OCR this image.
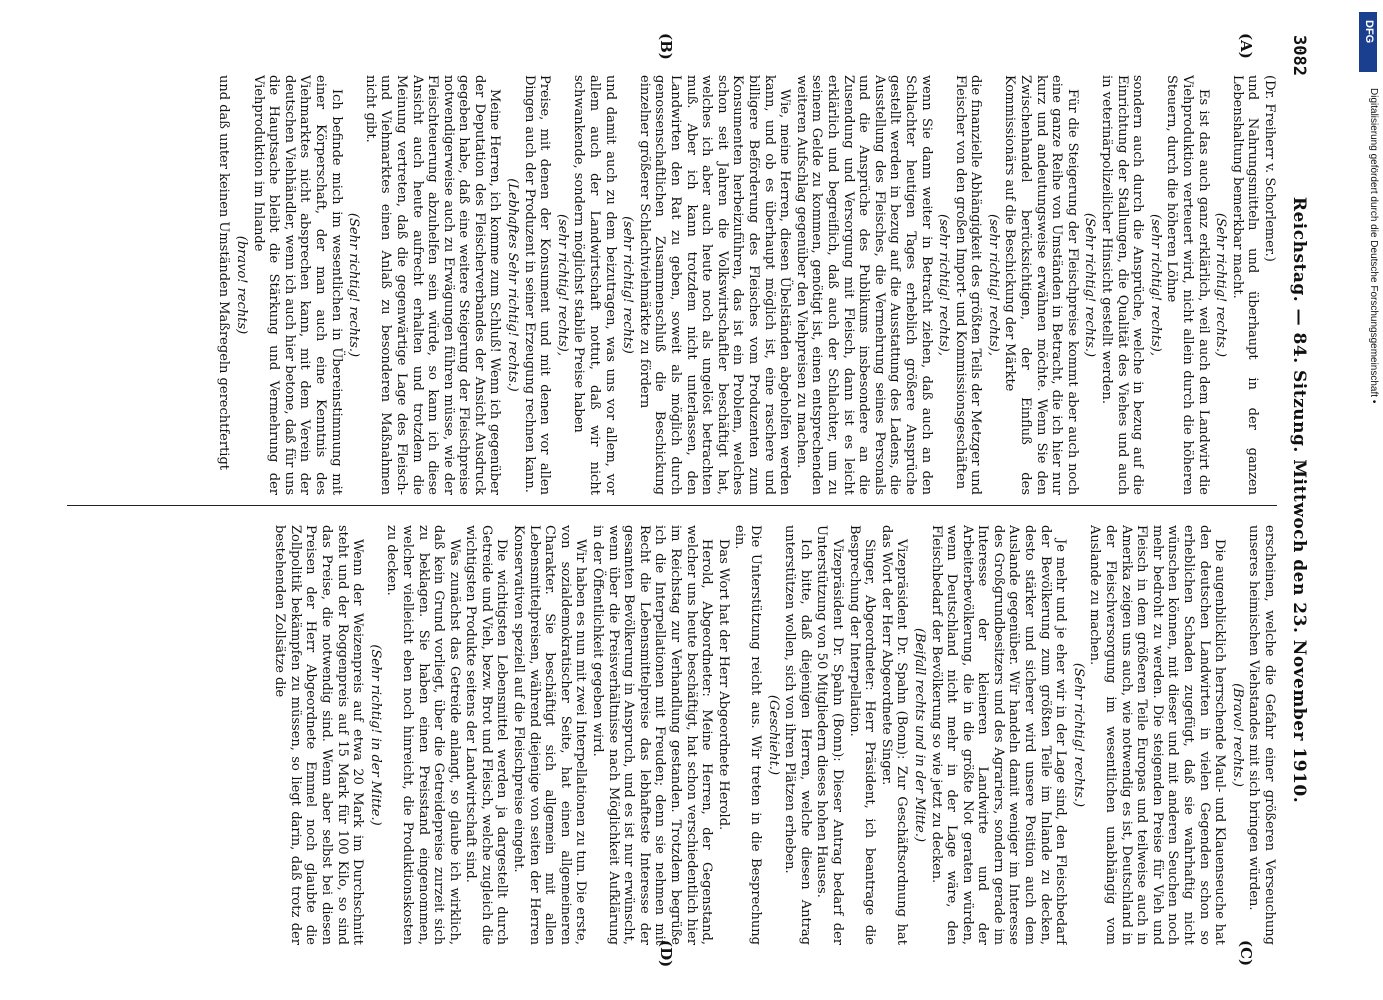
3082
Reichstag. — 84. Sitzung. Mittwoch den 23. November 1910.
(A)
(B)
(C)
(D)

(Dr. Freiherr v. Schorlemer.)

und Nahrungsmitteln und überhaupt in der ganzen Lebenshaltung bemerkbar macht.

(Sehr richtig! rechts.)

Es ist das auch ganz erklärlich, weil auch dem Landwirt die Viehproduktion verteuert wird, nicht allein durch die höheren Steuern, durch die höheren Löhne

(sehr richtig! rechts),

sondern auch durch die Ansprüche, welche in bezug auf die Einrichtung der Stallungen, die Qualität des Viehes und auch in veterinärpolizeilicher Hinsicht gestellt werden.

(Sehr richtig! rechts.)

Für die Steigerung der Fleischpreise kommt aber auch noch eine ganze Reihe von Umständen in Betracht, die ich hier nur kurz und andeutungsweise erwähnen möchte. Wenn Sie den Zwischenhandel berücksichtigen, der Einfluß des Kommissionärs auf die Beschickung der Märkte

(sehr richtig! rechts),

die finanzielle Abhängigkeit des größten Teils der Metzger und Fleischer von den großen Import- und Kommissionsgeschäften

(sehr richtig! rechts),

wenn Sie dann weiter in Betracht ziehen, daß auch an den Schlachter heutigen Tages erheblich größere Ansprüche gestellt werden in bezug auf die Ausstattung des Ladens, die Ausstellung des Fleisches, die Vermehrung seines Personals und die Ansprüche des Publikums insbesondere an die Zusendung und Versorgung mit Fleisch, dann ist es leicht erklärlich und begreiflich, daß auch der Schlachter, um zu seinem Gelde zu kommen, genötigt ist, einen entsprechenden weiteren Aufschlag gegenüber den Viehpreisen zu machen.

Wie, meine Herren, diesen Übelständen abgeholfen werden kann, und ob es überhaupt möglich ist, eine raschere und billigere Beförderung des Fleisches vom Produzenten zum Konsumenten herbeizuführen, das ist ein Problem, welches schon seit Jahren die Volkswirtschaftler beschäftigt hat, welches ich aber auch heute noch als ungelöst betrachten muß. Aber ich kann trotzdem nicht unterlassen, den Landwirten den Rat zu geben, soweit als möglich durch genossenschaftlichen Zusammenschluß die Beschickung einzelner größerer Schlachtviehmärkte zu fördern

(sehr richtig! rechts)

und damit auch zu dem beizutragen, was uns vor allem, vor allem auch der Landwirtschaft nottut, daß wir nicht schwankende, sondern möglichst stabile Preise haben

(sehr richtig! rechts),

Preise, mit denen der Konsument und mit denen vor allen Dingen auch der Produzent in seiner Erzeugung rechnen kann.

(Lebhaftes Sehr richtig! rechts.)

Meine Herren, ich komme zum Schluß! Wenn ich gegenüber der Deputation des Fleischerverbandes der Ansicht Ausdruck gegeben habe, daß eine weitere Steigerung der Fleischpreise notwendigerweise auch zu Erwägungen führen müsse, wie der Fleischteuerung abzuhelfen sein würde, so kann ich diese Ansicht auch heute aufrecht erhalten und trotzdem die Meinung vertreten, daß die gegenwärtige Lage des Fleisch- und Viehmarktes einen Anlaß zu besonderen Maßnahmen nicht gibt.

(Sehr richtig! rechts.)

Ich befinde mich im wesentlichen in Übereinstimmung mit einer Körperschaft, der man auch eine Kenntnis des Viehmarktes nicht absprechen kann, mit dem Verein der deutschen Viehhändler, wenn ich auch hier betone, daß für uns die Hauptsache bleibt die Stärkung und Vermehrung der Viehproduktion im Inlande

(bravo! rechts)

und daß unter keinen Umständen Maßregeln gerechtfertigt

erscheinen, welche die Gefahr einer größeren Verseuchung unseres heimischen Viehstandes mit sich bringen würden.

(Bravo! rechts.)

Die augenblicklich herrschende Maul- und Klauenseuche hat den deutschen Landwirten in vielen Gegenden schon so erheblichen Schaden zugefügt, daß sie wahrhaftig nicht wünschen können, mit dieser und mit anderen Seuchen noch mehr bedroht zu werden. Die steigenden Preise für Vieh und Fleisch in dem größeren Teile Europas und teilweise auch in Amerika zeigen uns auch, wie notwendig es ist, Deutschland in der Fleischversorgung im wesentlichen unabhängig vom Auslande zu machen.

(Sehr richtig! rechts.)

Je mehr und je eher wir in der Lage sind, den Fleischbedarf der Bevölkerung zum größten Teile im Inlande zu decken, desto stärker und sicherer wird unsere Position auch dem Auslande gegenüber. Wir handeln damit weniger im Interesse des Großgrundbesitzers und des Agrariers, sondern gerade im Interesse der kleineren Landwirte und der Arbeiterbevölkerung, die in die größte Not geraten würden, wenn Deutschland nicht mehr in der Lage wäre, den Fleischbedarf der Bevölkerung so wie jetzt zu decken.

(Beifall rechts und in der Mitte.)

Vizepräsident Dr. Spahn (Bonn): Zur Geschäftsordnung hat das Wort der Herr Abgeordnete Singer.

Singer, Abgeordneter: Herr Präsident, ich beantrage die Besprechung der Interpellation.

Vizepräsident Dr. Spahn (Bonn): Dieser Antrag bedarf der Unterstützung von 50 Mitgliedern dieses hohen Hauses.

Ich bitte, daß diejenigen Herren, welche diesen Antrag unterstützen wollen, sich von ihren Plätzen erheben.

(Geschieht.)

Die Unterstützung reicht aus. Wir treten in die Besprechung ein.

Das Wort hat der Herr Abgeordnete Herold.

Herold, Abgeordneter: Meine Herren, der Gegenstand, welcher uns heute beschäftigt, hat schon verschiedentlich hier im Reichstag zur Verhandlung gestanden. Trotzdem begrüße ich die Interpellationen mit Freuden; denn sie nehmen mit Recht die Lebensmittelpreise das lebhafteste Interesse der gesamten Bevölkerung in Anspruch, und es ist nur erwünscht, wenn über die Preisverhältnisse nach Möglichkeit Aufklärung in der Öffentlichkeit gegeben wird.

Wir haben es nun mit zwei Interpellationen zu tun. Die erste, von sozialdemokratischer Seite, hat einen allgemeineren Charakter. Sie beschäftigt sich allgemein mit allen Lebensmittelpreisen, während diejenige von seiten der Herren Konservativen speziell auf die Fleischpreise eingeht.

Die wichtigsten Lebensmittel werden ja dargestellt durch Getreide und Vieh, bezw. Brot und Fleisch, welche zugleich die wichtigsten Produkte seitens der Landwirtschaft sind.

Was zunächst das Getreide anlangt, so glaube ich wirklich, daß kein Grund vorliegt, über die Getreidepreise zurzeit sich zu beklagen. Sie haben einen Preisstand eingenommen, welcher vielleicht eben noch hinreicht, die Produktionskosten zu decken.

(Sehr richtig! in der Mitte.)

Wenn der Weizenpreis auf etwa 20 Mark im Durchschnitt steht und der Roggenpreis auf 15 Mark für 100 Kilo, so sind das Preise, die notwendig sind. Wenn aber selbst bei diesen Preisen der Herr Abgeordnete Emmel noch glaubte die Zollpolitik bekämpfen zu müssen, so liegt darin, daß trotz der bestehenden Zollsätze die

DFG
Digitalisierung gefördert durch die Deutsche Forschungsgemeinschaft •
